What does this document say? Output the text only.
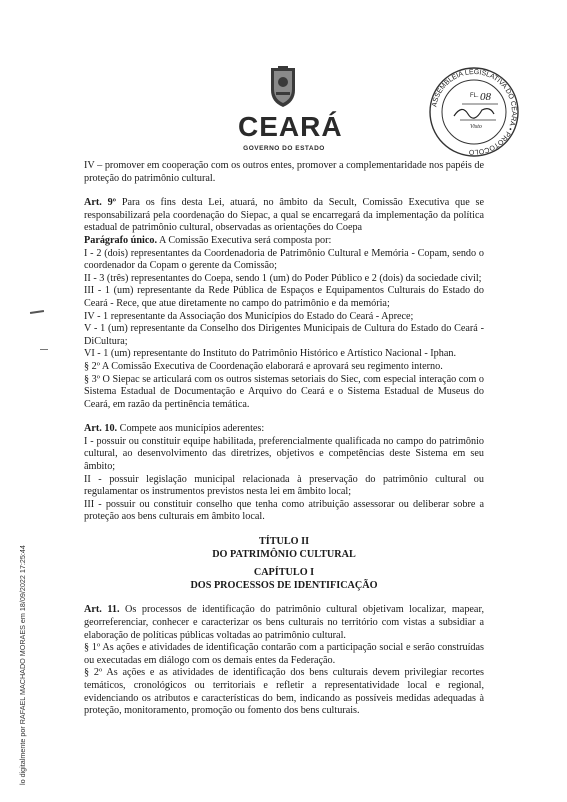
CEARÁ
GOVERNO DO ESTADO
ASSEMBLEIA LEGISLATIVA DO CEARÁ • PROTOCOLO
FL. 08
Visto
lo digitalmente por RAFAEL MACHADO MORAES em 18/09/2022 17:25:44

IV – promover em cooperação com os outros entes, promover a complementaridade nos papéis de proteção do patrimônio cultural.

Art. 9º Para os fins desta Lei, atuará, no âmbito da Secult, Comissão Executiva que se responsabilizará pela coordenação do Siepac, a qual se encarregará da implementação da política estadual de patrimônio cultural, observadas as orientações do Coepa

Parágrafo único. A Comissão Executiva será composta por:

I - 2 (dois) representantes da Coordenadoria de Patrimônio Cultural e Memória - Copam, sendo o coordenador da Copam o gerente da Comissão;

II - 3 (três) representantes do Coepa, sendo 1 (um) do Poder Público e 2 (dois) da sociedade civil;

III - 1 (um) representante da Rede Pública de Espaços e Equipamentos Culturais do Estado do Ceará - Rece, que atue diretamente no campo do patrimônio e da memória;

IV - 1 representante da Associação dos Municípios do Estado do Ceará - Aprece;

V - 1 (um) representante da Conselho dos Dirigentes Municipais de Cultura do Estado do Ceará - DiCultura;

VI - 1 (um) representante do Instituto do Patrimônio Histórico e Artístico Nacional - Iphan.

§ 2º A Comissão Executiva de Coordenação elaborará e aprovará seu regimento interno.

§ 3º O Siepac se articulará com os outros sistemas setoriais do Siec, com especial interação com o Sistema Estadual de Documentação e Arquivo do Ceará e o Sistema Estadual de Museus do Ceará, em razão da pertinência temática.

Art. 10. Compete aos municípios aderentes:

I - possuir ou constituir equipe habilitada, preferencialmente qualificada no campo do patrimônio cultural, ao desenvolvimento das diretrizes, objetivos e competências deste Sistema em seu âmbito;

II - possuir legislação municipal relacionada à preservação do patrimônio cultural ou regulamentar os instrumentos previstos nesta lei em âmbito local;

III - possuir ou constituir conselho que tenha como atribuição assessorar ou deliberar sobre a proteção aos bens culturais em âmbito local.

TÍTULO II

DO PATRIMÔNIO CULTURAL

CAPÍTULO I

DOS PROCESSOS DE IDENTIFICAÇÃO

Art. 11. Os processos de identificação do patrimônio cultural objetivam localizar, mapear, georreferenciar, conhecer e caracterizar os bens culturais no território com vistas a subsidiar a elaboração de políticas públicas voltadas ao patrimônio cultural.

§ 1º As ações e atividades de identificação contarão com a participação social e serão construídas ou executadas em diálogo com os demais entes da Federação.

§ 2º As ações e as atividades de identificação dos bens culturais devem privilegiar recortes temáticos, cronológicos ou territoriais e refletir a representatividade local e regional, evidenciando os atributos e características do bem, indicando as possíveis medidas adequadas à proteção, monitoramento, promoção ou fomento dos bens culturais.
